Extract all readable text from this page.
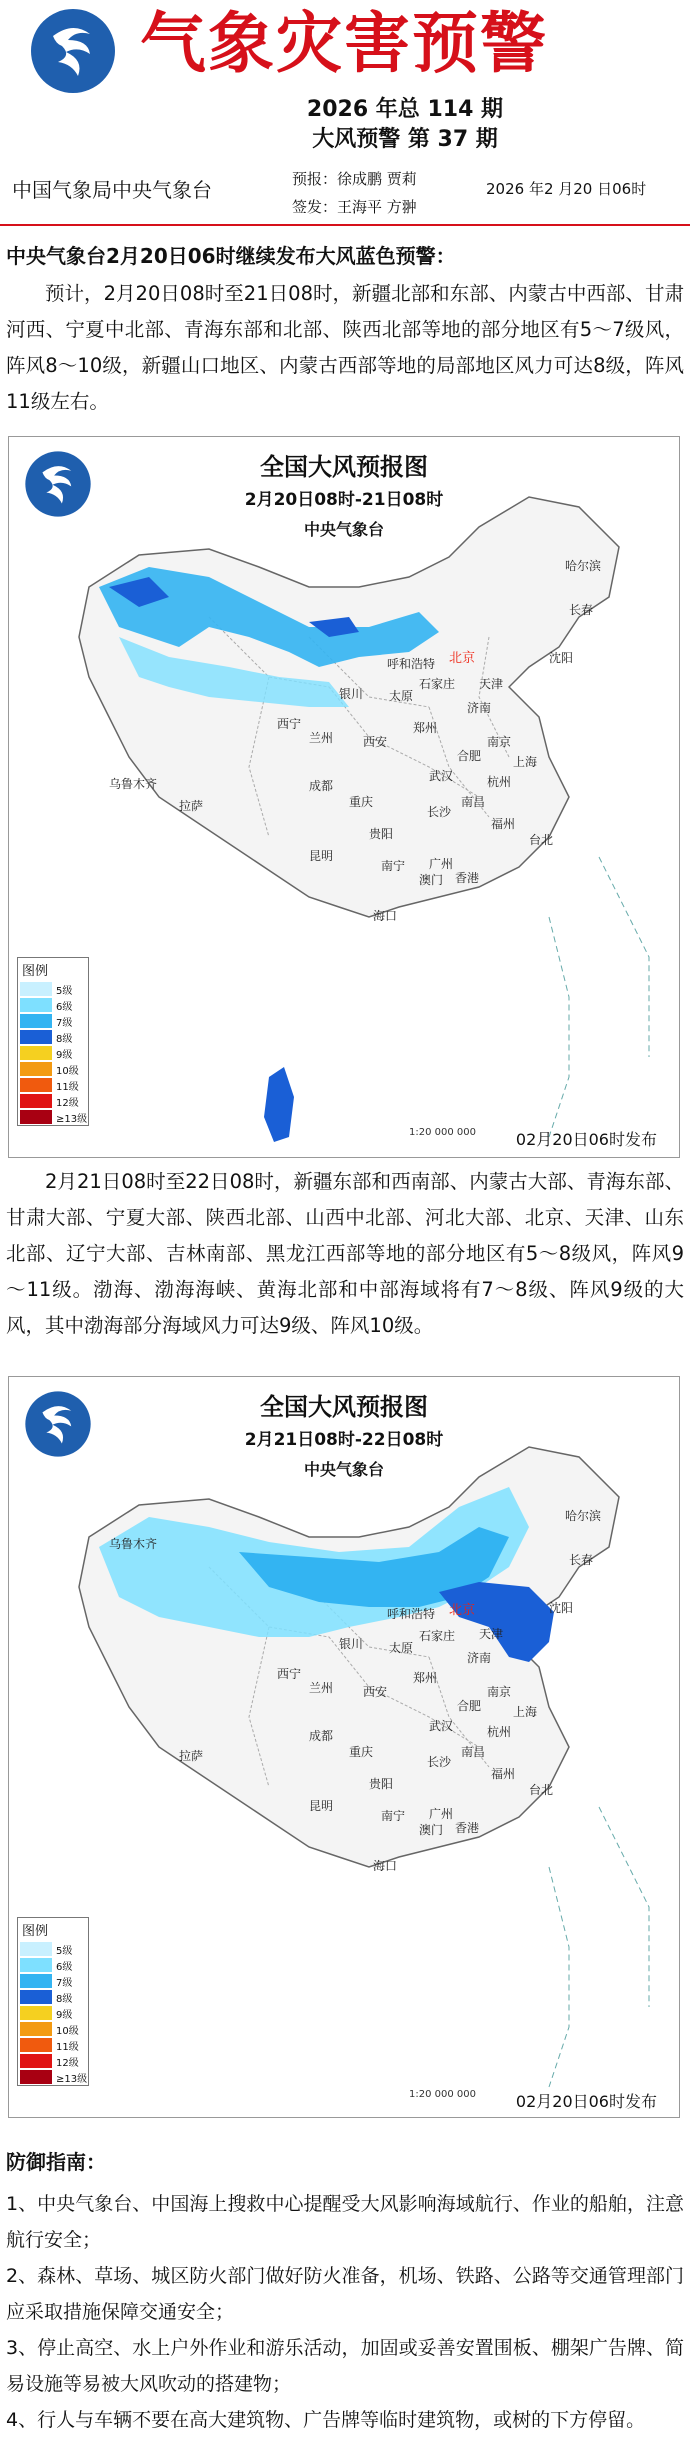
气象灾害预警
2026 年总 114 期
大风预警 第 37 期
中国气象局中央气象台	预报：徐成鹏 贾莉
签发：王海平 方翀
2026 年2 月20 日06时
中央气象台2月20日06时继续发布大风蓝色预警：
预计，2月20日08时至21日08时，新疆北部和东部、内蒙古中西部、甘肃河西、宁夏中北部、青海东部和北部、陕西北部等地的部分地区有5～7级风，阵风8～10级，新疆山口地区、内蒙古西部等地的局部地区风力可达8级，阵风11级左右。
全国大风预报图
2月20日08时-21日08时
中央气象台
乌鲁木齐
哈尔滨
长春
沈阳
北京
天津
呼和浩特
银川 太原
石家庄
济南
西宁
兰州
郑州
西安
合肥
南京
上海
武汉	杭州
成都
重庆
拉萨	长沙
南昌
福州
贵阳	台北
昆明
南宁 广州
香港
澳门
海口
图例
5级
6级
7级
8级
9级
10级
11级
12级
≥13级
1:20 000 000 02月20日06时发布
2月21日08时至22日08时，新疆东部和西南部、内蒙古大部、青海东部、甘肃大部、宁夏大部、陕西北部、山西中北部、河北大部、北京、天津、山东北部、辽宁大部、吉林南部、黑龙江西部等地的部分地区有5～8级风，阵风9～11级。渤海、渤海海峡、黄海北部和中部海域将有7～8级、阵风9级的大风，其中渤海部分海域风力可达9级、阵风10级。
全国大风预报图
2月21日08时-22日08时
中央气象台
乌鲁木齐
哈尔滨
长春
沈阳
北京
天津
呼和浩特
银川 太原
石家庄
济南
西宁
兰州
郑州
西安
合肥
南京
上海
武汉	杭州
成都
重庆
拉萨	长沙
南昌
福州
贵阳	台北
昆明
南宁 广州
香港
澳门
海口
图例
5级
6级
7级
8级
9级
10级
11级
12级
≥13级
1:20 000 000 02月20日06时发布
防御指南：
1、中央气象台、中国海上搜救中心提醒受大风影响海域航行、作业的船舶，注意航行安全；
2、森林、草场、城区防火部门做好防火准备，机场、铁路、公路等交通管理部门应采取措施保障交通安全；
3、停止高空、水上户外作业和游乐活动，加固或妥善安置围板、棚架广告牌、简易设施等易被大风吹动的搭建物；
4、行人与车辆不要在高大建筑物、广告牌等临时建筑物，或树的下方停留。
